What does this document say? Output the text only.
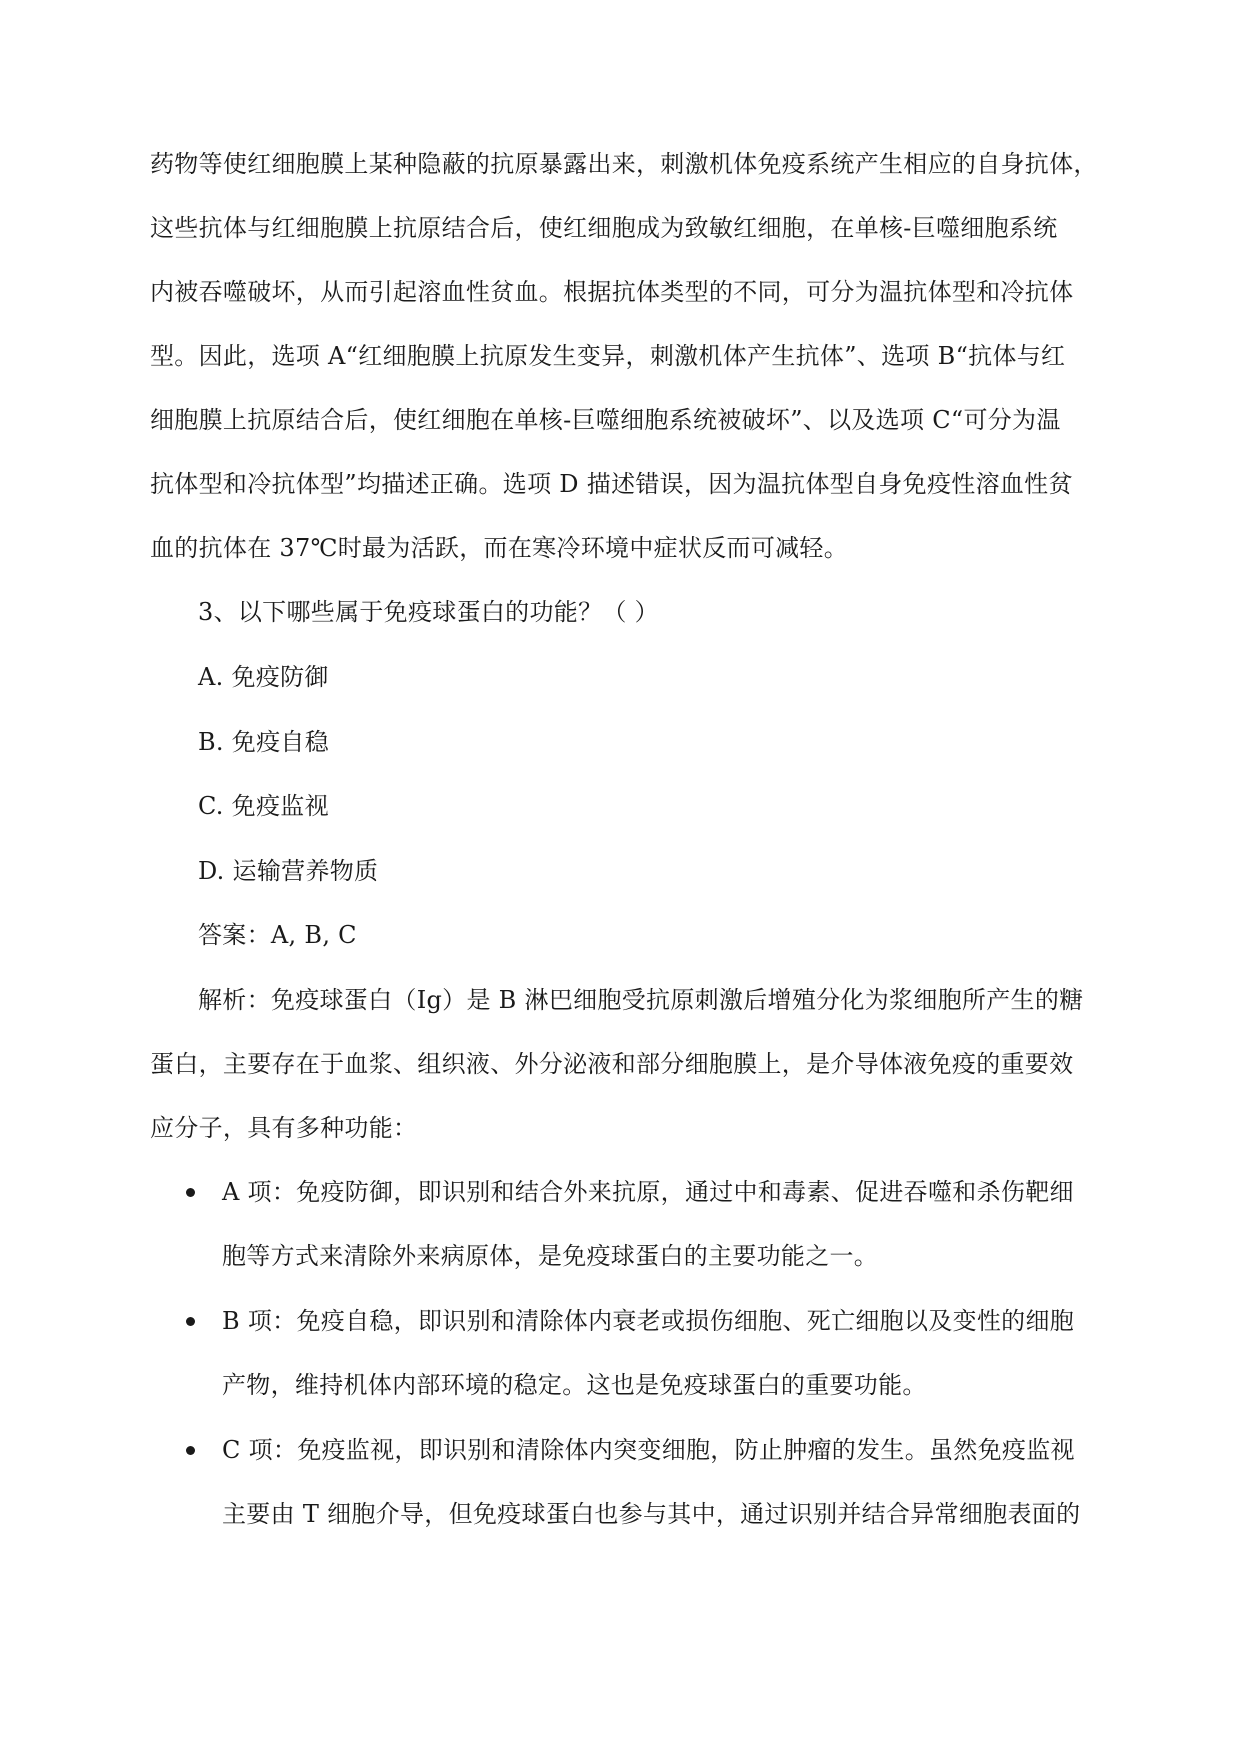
药物等使红细胞膜上某种隐蔽的抗原暴露出来，刺激机体免疫系统产生相应的自身抗体，
这些抗体与红细胞膜上抗原结合后，使红细胞成为致敏红细胞，在单核-巨噬细胞系统
内被吞噬破坏，从而引起溶血性贫血。根据抗体类型的不同，可分为温抗体型和冷抗体
型。因此，选项 A“红细胞膜上抗原发生变异，刺激机体产生抗体”、选项 B“抗体与红
细胞膜上抗原结合后，使红细胞在单核-巨噬细胞系统被破坏”、以及选项 C“可分为温
抗体型和冷抗体型”均描述正确。选项 D 描述错误，因为温抗体型自身免疫性溶血性贫
血的抗体在 37℃时最为活跃，而在寒冷环境中症状反而可减轻。
3、以下哪些属于免疫球蛋白的功能？（ ）
A. 免疫防御
B. 免疫自稳
C. 免疫监视
D. 运输营养物质
答案：A, B, C
解析：免疫球蛋白（Ig）是 B 淋巴细胞受抗原刺激后增殖分化为浆细胞所产生的糖
蛋白，主要存在于血浆、组织液、外分泌液和部分细胞膜上，是介导体液免疫的重要效
应分子，具有多种功能：
A 项：免疫防御，即识别和结合外来抗原，通过中和毒素、促进吞噬和杀伤靶细
胞等方式来清除外来病原体，是免疫球蛋白的主要功能之一。
B 项：免疫自稳，即识别和清除体内衰老或损伤细胞、死亡细胞以及变性的细胞
产物，维持机体内部环境的稳定。这也是免疫球蛋白的重要功能。
C 项：免疫监视，即识别和清除体内突变细胞，防止肿瘤的发生。虽然免疫监视
主要由 T 细胞介导，但免疫球蛋白也参与其中，通过识别并结合异常细胞表面的
